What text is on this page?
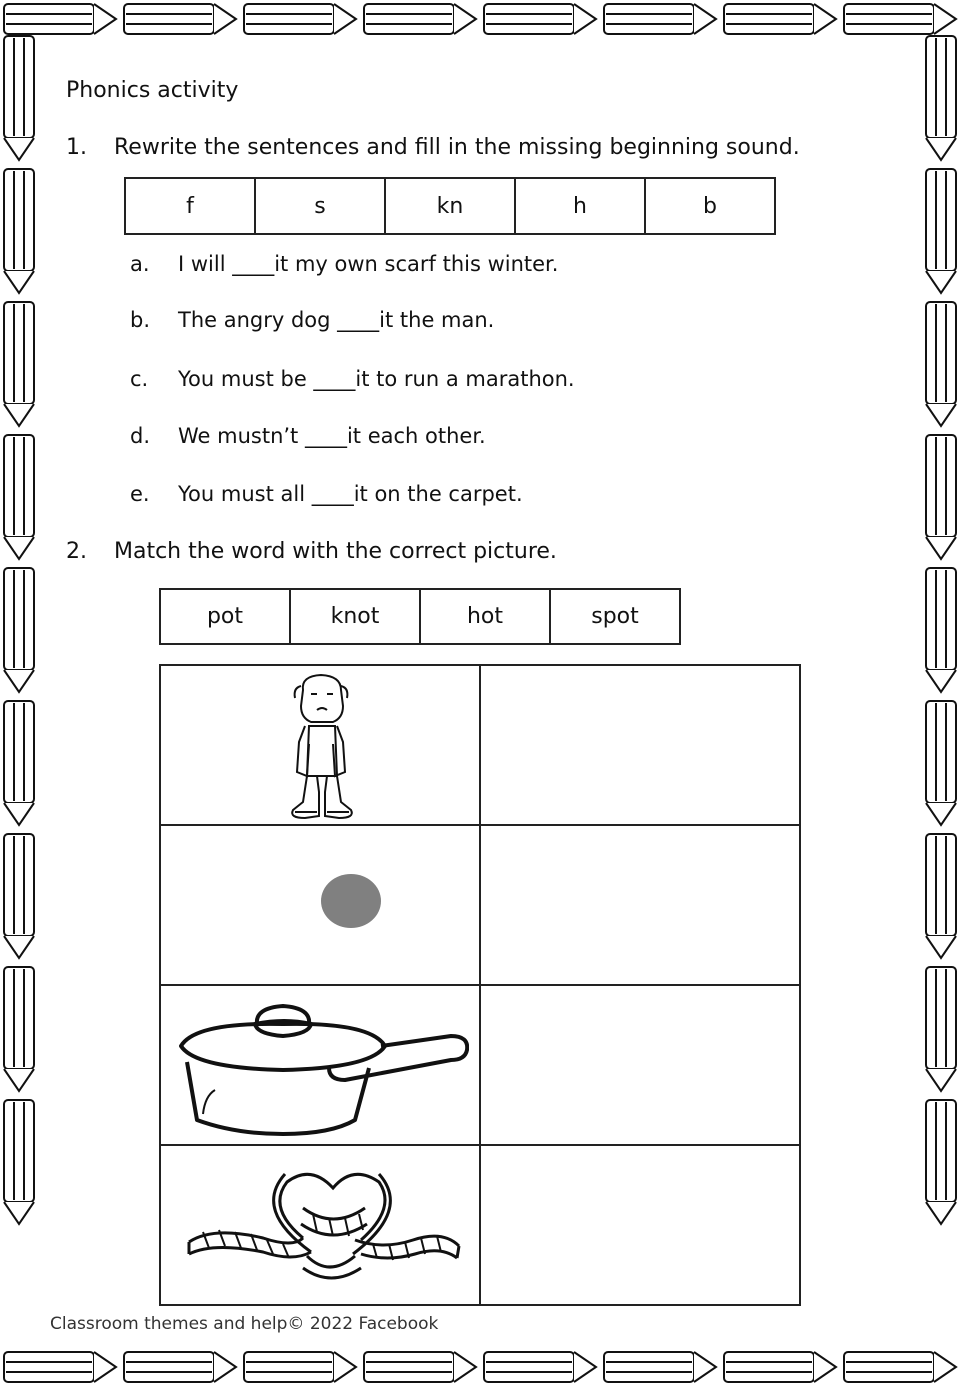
Phonics activity
1. Rewrite the sentences and fill in the missing beginning sound.
f	s	kn	h	b
a. I will ____it my own scarf this winter.
b. The angry dog ____it the man.
c. You must be ____it to run a marathon.
d. We mustn’t ____it each other.
e. You must all ____it on the carpet.
2. Match the word with the correct picture.
pot	knot	hot	spot

Classroom themes and help© 2022 Facebook
